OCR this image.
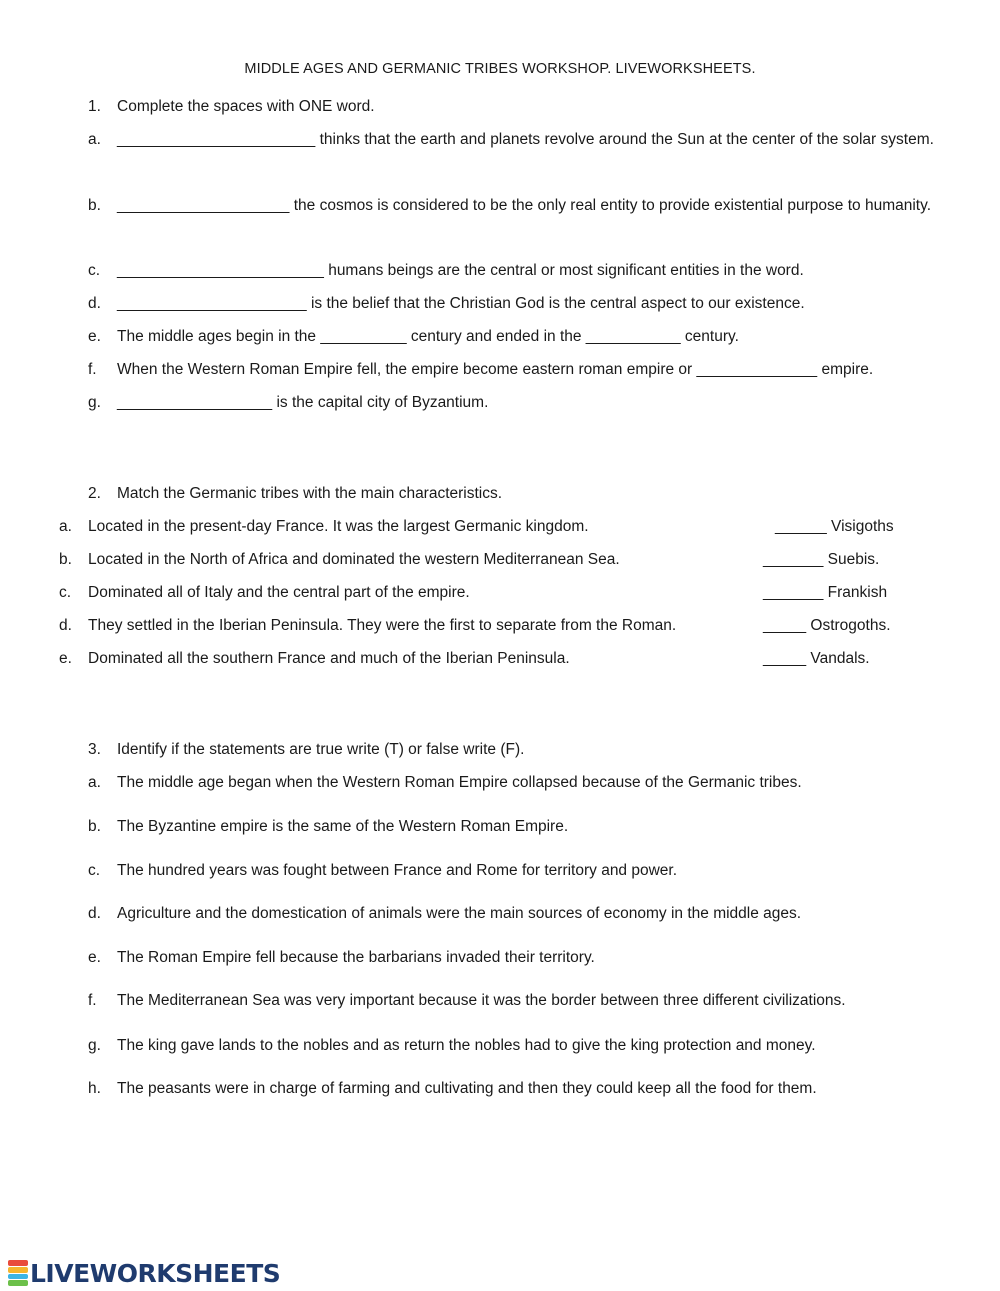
MIDDLE AGES AND GERMANIC TRIBES WORKSHOP. LIVEWORKSHEETS.
1. Complete the spaces with ONE word.
a. _______________________ thinks that the earth and planets revolve around the Sun at the center of the solar system.
b. ____________________ the cosmos is considered to be the only real entity to provide existential purpose to humanity.
c. ________________________ humans beings are the central or most significant entities in the word.
d. ______________________ is the belief that the Christian God is the central aspect to our existence.
e. The middle ages begin in the __________ century and ended in the ___________ century.
f. When the Western Roman Empire fell, the empire become eastern roman empire or ______________ empire.
g. __________________ is the capital city of Byzantium.
2. Match the Germanic tribes with the main characteristics.
a. Located in the present-day France. It was the largest Germanic kingdom.	______ Visigoths
b. Located in the North of Africa and dominated the western Mediterranean Sea.	_______ Suebis.
c. Dominated all of Italy and the central part of the empire.	_______ Frankish
d. They settled in the Iberian Peninsula. They were the first to separate from the Roman.	_____ Ostrogoths.
e. Dominated all the southern France and much of the Iberian Peninsula.	_____ Vandals.
3. Identify if the statements are true write (T) or false write (F).
a. The middle age began when the Western Roman Empire collapsed because of the Germanic tribes.
b. The Byzantine empire is the same of the Western Roman Empire.
c. The hundred years was fought between France and Rome for territory and power.
d. Agriculture and the domestication of animals were the main sources of economy in the middle ages.
e. The Roman Empire fell because the barbarians invaded their territory.
f. The Mediterranean Sea was very important because it was the border between three different civilizations.
g. The king gave lands to the nobles and as return the nobles had to give the king protection and money.
h. The peasants were in charge of farming and cultivating and then they could keep all the food for them.
LIVEWORKSHEETS
